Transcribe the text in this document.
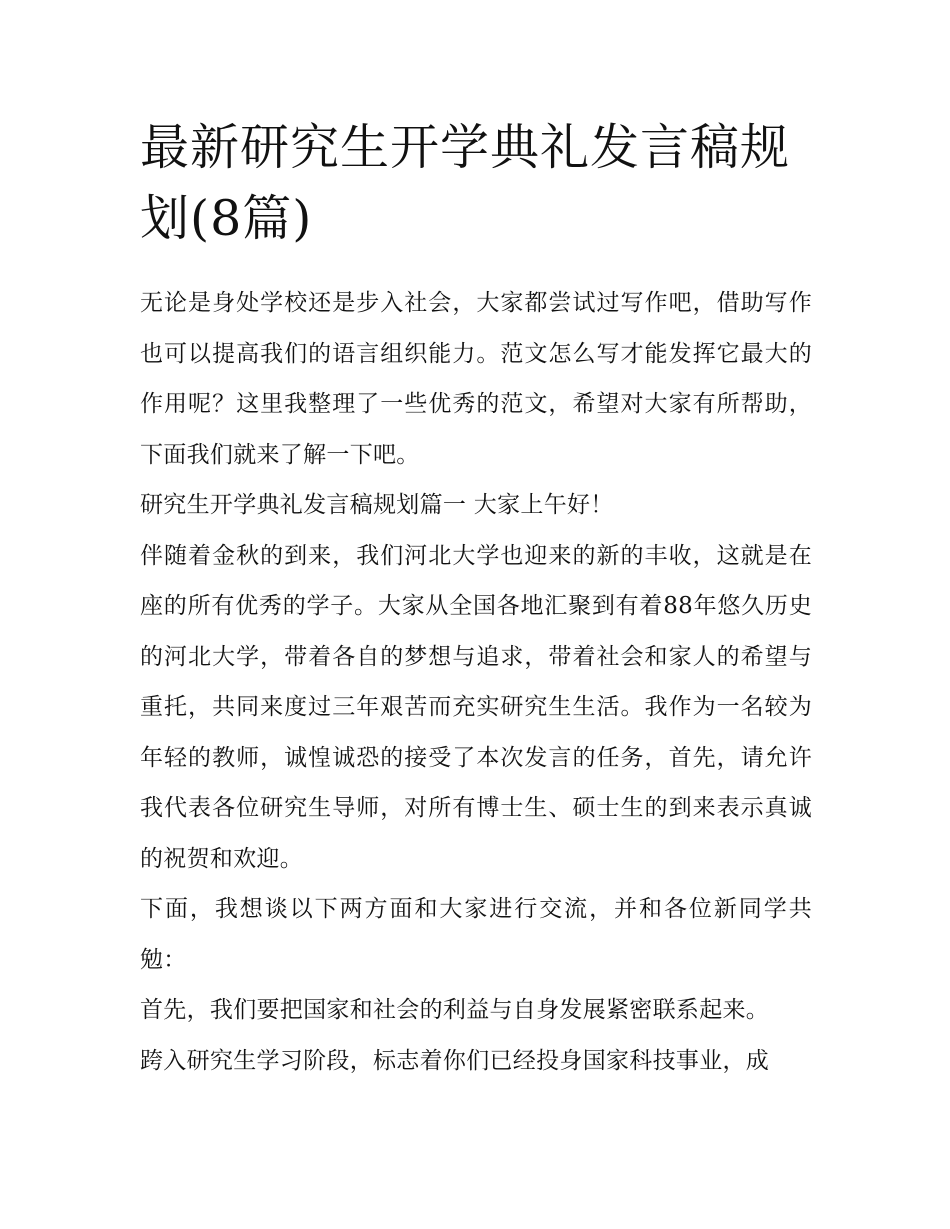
最新研究生开学典礼发言稿规划(8篇)

无论是身处学校还是步入社会，大家都尝试过写作吧，借助写作也可以提高我们的语言组织能力。范文怎么写才能发挥它最大的作用呢？这里我整理了一些优秀的范文，希望对大家有所帮助，下面我们就来了解一下吧。

研究生开学典礼发言稿规划篇一 大家上午好！

伴随着金秋的到来，我们河北大学也迎来的新的丰收，这就是在座的所有优秀的学子。大家从全国各地汇聚到有着88年悠久历史的河北大学，带着各自的梦想与追求，带着社会和家人的希望与重托，共同来度过三年艰苦而充实研究生生活。我作为一名较为年轻的教师，诚惶诚恐的接受了本次发言的任务，首先，请允许我代表各位研究生导师，对所有博士生、硕士生的到来表示真诚的祝贺和欢迎。

下面，我想谈以下两方面和大家进行交流，并和各位新同学共勉：

首先，我们要把国家和社会的利益与自身发展紧密联系起来。

跨入研究生学习阶段，标志着你们已经投身国家科技事业，成
